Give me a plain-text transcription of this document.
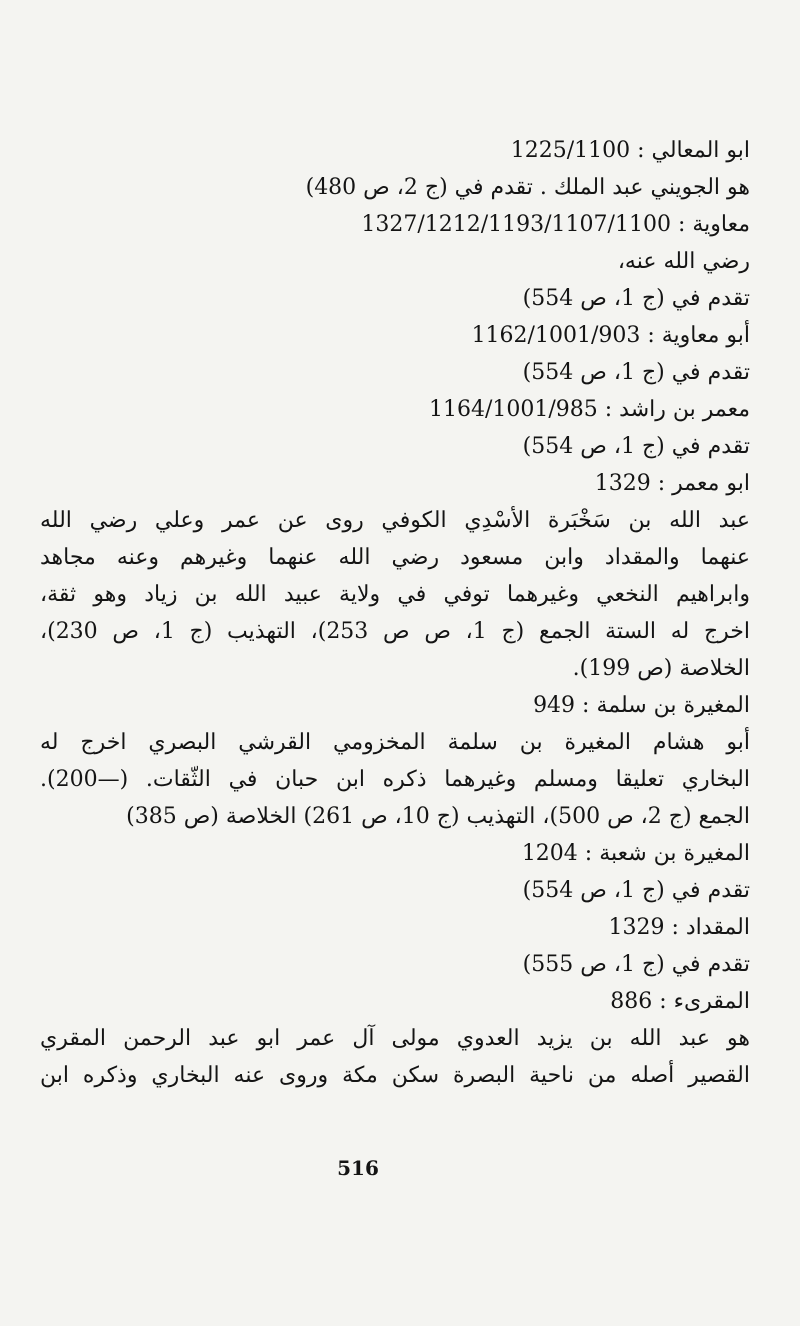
ابو المعالي : 1225/1100
هو الجويني عبد الملك . تقدم في (ج 2، ص 480)
معاوية : 1327/1212/1193/1107/1100
رضي الله عنه،
تقدم في (ج 1، ص 554)
أبو معاوية : 1162/1001/903
تقدم في (ج 1، ص 554)
معمر بن راشد : 1164/1001/985
تقدم في (ج 1، ص 554)
ابو معمر : 1329
عبد الله بن سَخْبَرة الأسْدِي الكوفي روى عن عمر وعلي رضي الله
عنهما والمقداد وابن مسعود رضي الله عنهما وغيرهم وعنه مجاهد
وابراهيم النخعي وغيرهما توفي في ولاية عبيد الله بن زياد وهو ثقة،
اخرج له الستة الجمع (ج 1، ص ص 253)، التهذيب (ج 1، ص 230)،
الخلاصة (ص 199).
المغيرة بن سلمة : 949
أبو هشام المغيرة بن سلمة المخزومي القرشي البصري اخرج له
البخاري تعليقا ومسلم وغيرهما ذكره ابن حبان في الثّقات. (—200).
الجمع (ج 2، ص 500)، التهذيب (ج 10، ص 261) الخلاصة (ص 385)
المغيرة بن شعبة : 1204
تقدم في (ج 1، ص 554)
المقداد : 1329
تقدم في (ج 1، ص 555)
المقرىء : 886
هو عبد الله بن يزيد العدوي مولى آل عمر ابو عبد الرحمن المقري
القصير أصله من ناحية البصرة سكن مكة وروى عنه البخاري وذكره ابن
516
